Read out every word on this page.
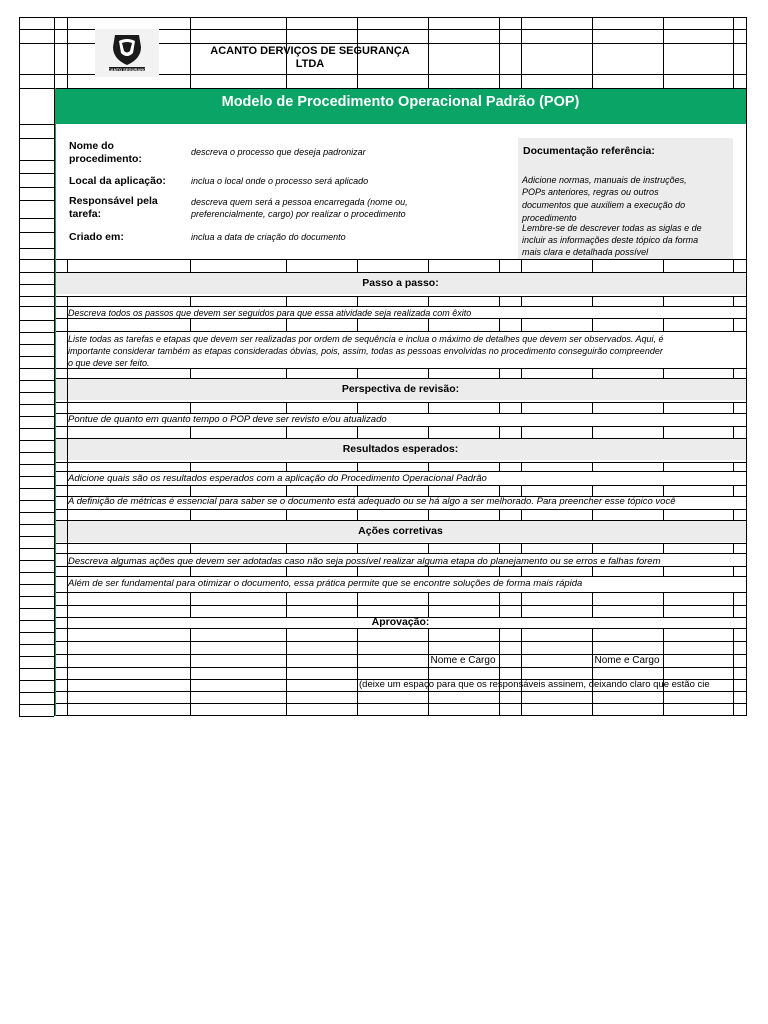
ACANTO SEGURANÇA
ACANTO DERVIÇOS DE SEGURANÇA
LTDA
Modelo de Procedimento Operacional Padrão (POP)
Nome do
procedimento:
descreva o processo que deseja padronizar
Local da aplicação:	inclua o local onde o processo será aplicado
Responsável pela
tarefa:
descreva quem será a pessoa encarregada (nome ou,
preferencialmente, cargo) por realizar o procedimento
Criado em:	inclua a data de criação do documento
Documentação referência:
Adicione normas, manuais de instruções,
POPs anteriores, regras ou outros
documentos que auxiliem a execução do
procedimento
Lembre-se de descrever todas as siglas e de
incluir as informações deste tópico da forma
mais clara e detalhada possível
Passo a passo:
Perspectiva de revisão:
Resultados esperados:
Ações corretivas
Aprovação:
Descreva todos os passos que devem ser seguidos para que essa atividade seja realizada com êxito
Liste todas as tarefas e etapas que devem ser realizadas por ordem de sequência e inclua o máximo de detalhes que devem ser observados. Aqui, é
importante considerar também as etapas consideradas óbvias, pois, assim, todas as pessoas envolvidas no procedimento conseguirão compreender
o que deve ser feito.
Pontue de quanto em quanto tempo o POP deve ser revisto e/ou atualizado
Adicione quais são os resultados esperados com a aplicação do Procedimento Operacional Padrão
A definição de métricas é essencial para saber se o documento está adequado ou se há algo a ser melhorado. Para preencher esse tópico você
Descreva algumas ações que devem ser adotadas caso não seja possível realizar alguma etapa do planejamento ou se erros e falhas forem
Além de ser fundamental para otimizar o documento, essa prática permite que se encontre soluções de forma mais rápida
Nome e Cargo	Nome e Cargo
(deixe um espaço para que os responsáveis assinem, deixando claro que estão cie
